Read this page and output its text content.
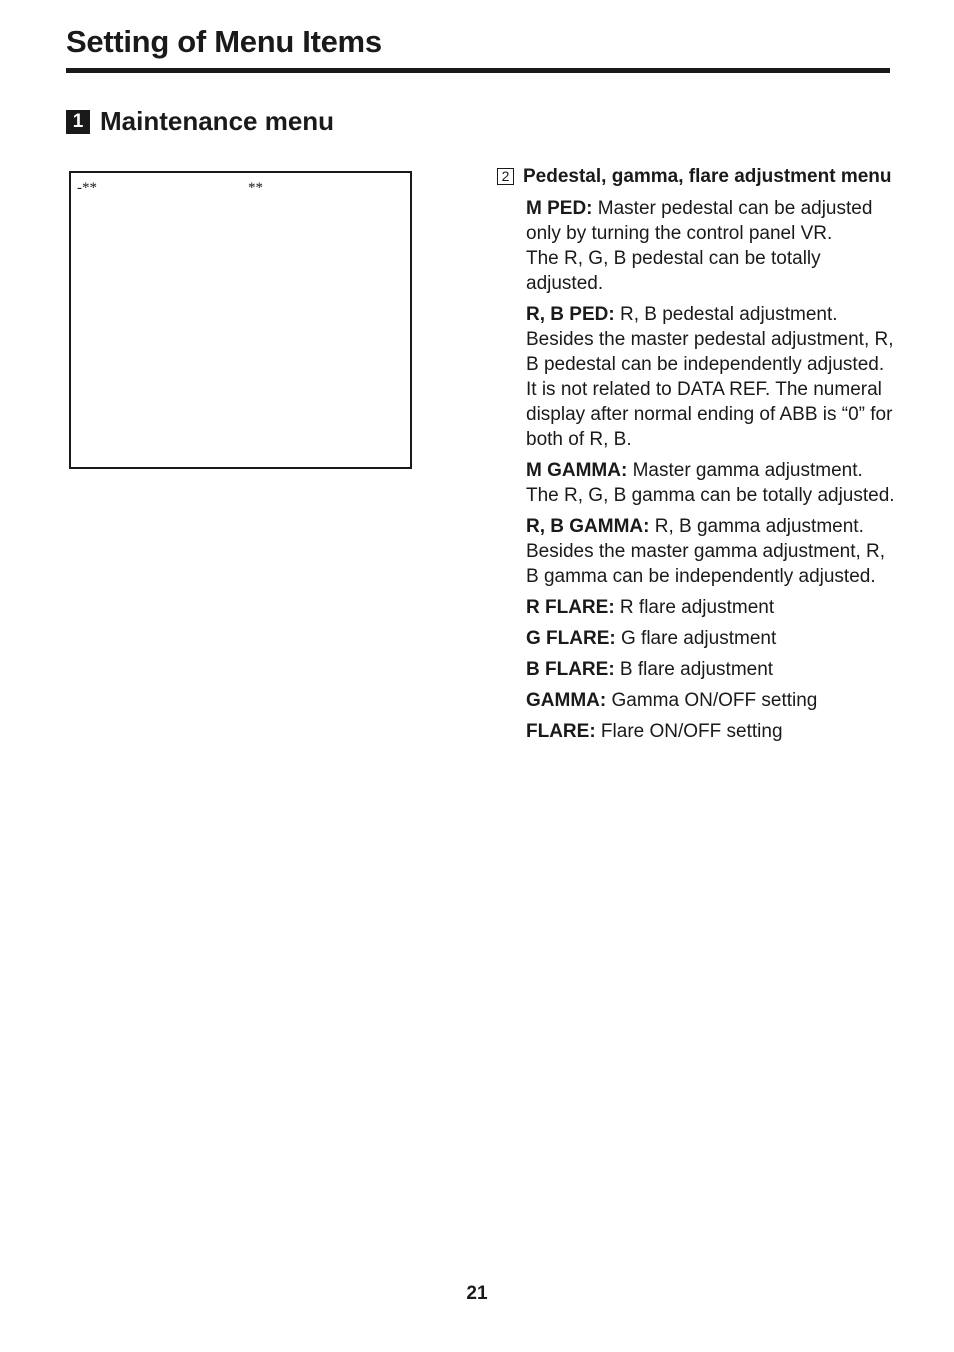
Setting of Menu Items
1 Maintenance menu
-**	**
2 Pedestal, gamma, flare adjustment menu
M PED: Master pedestal can be adjusted only by turning the control panel VR.
The R, G, B pedestal can be totally adjusted.
R, B PED: R, B pedestal adjustment. Besides the master pedestal adjustment, R, B pedestal can be independently adjusted. It is not related to DATA REF. The numeral display after normal ending of ABB is “0” for both of R, B.
M GAMMA: Master gamma adjustment. The R, G, B gamma can be totally adjusted.
R, B GAMMA: R, B gamma adjustment. Besides the master gamma adjustment, R, B gamma can be independently adjusted.
R FLARE: R flare adjustment
G FLARE: G flare adjustment
B FLARE: B flare adjustment
GAMMA: Gamma ON/OFF setting
FLARE: Flare ON/OFF setting
21
